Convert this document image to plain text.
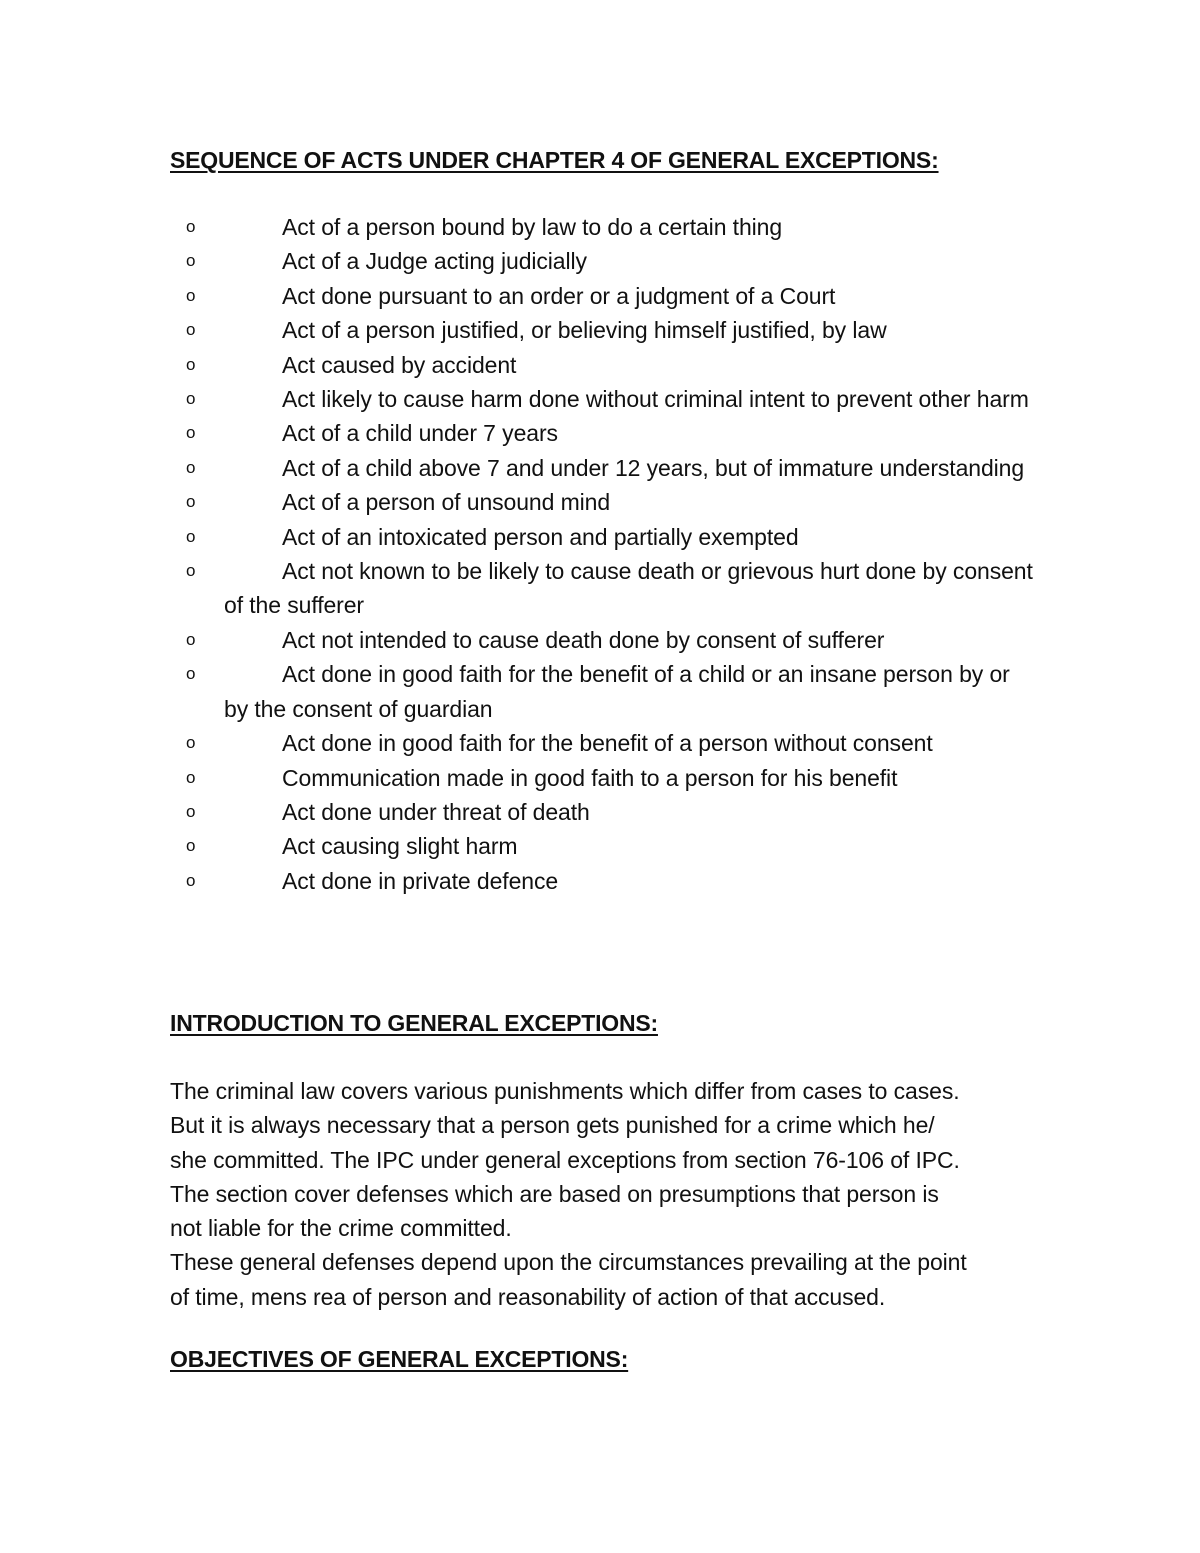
SEQUENCE OF ACTS UNDER CHAPTER 4 OF GENERAL EXCEPTIONS:
o	Act of a person bound by law to do a certain thing
o	Act of a Judge acting judicially
o	Act done pursuant to an order or a judgment of a Court
o	Act of a person justified, or believing himself justified, by law
o	Act caused by accident
o	Act likely to cause harm done without criminal intent to prevent other harm
o	Act of a child under 7 years
o	Act of a child above 7 and under 12 years, but of immature understanding
o	Act of a person of unsound mind
o	Act of an intoxicated person and partially exempted
o	Act not known to be likely to cause death or grievous hurt done by consent of the sufferer
o	Act not intended to cause death done by consent of sufferer
o	Act done in good faith for the benefit of a child or an insane person by or by the consent of guardian
o	Act done in good faith for the benefit of a person without consent
o	Communication made in good faith to a person for his benefit
o	Act done under threat of death
o	Act causing slight harm
o	Act done in private defence
INTRODUCTION TO GENERAL EXCEPTIONS:

The criminal law covers various punishments which differ from cases to cases.
But it is always necessary that a person gets punished for a crime which he/
she committed. The IPC under general exceptions from section 76-106 of IPC.
The section cover defenses which are based on presumptions that person is
not liable for the crime committed.

These general defenses depend upon the circumstances prevailing at the point
of time, mens rea of person and reasonability of action of that accused.

OBJECTIVES OF GENERAL EXCEPTIONS:
